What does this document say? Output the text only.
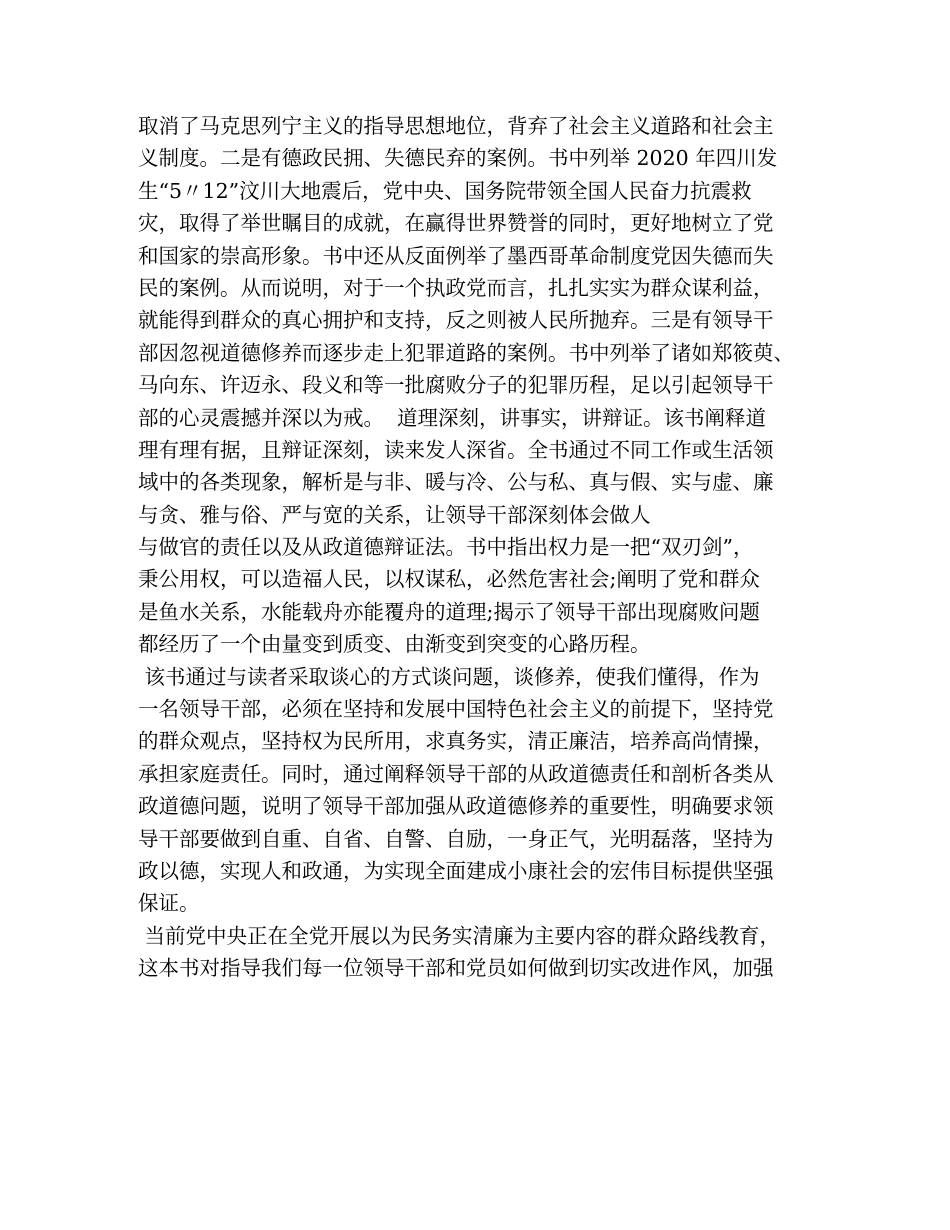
取消了马克思列宁主义的指导思想地位，背弃了社会主义道路和社会主
义制度。二是有德政民拥、失德民弃的案例。书中列举 2020 年四川发
生“5〃12”汶川大地震后，党中央、国务院带领全国人民奋力抗震救
灾，取得了举世瞩目的成就，在赢得世界赞誉的同时，更好地树立了党
和国家的崇高形象。书中还从反面例举了墨西哥革命制度党因失德而失
民的案例。从而说明，对于一个执政党而言，扎扎实实为群众谋利益，
就能得到群众的真心拥护和支持，反之则被人民所抛弃。三是有领导干
部因忽视道德修养而逐步走上犯罪道路的案例。书中列举了诸如郑筱萸、
马向东、许迈永、段义和等一批腐败分子的犯罪历程，足以引起领导干
部的心灵震撼并深以为戒。  道理深刻，讲事实，讲辩证。该书阐释道
理有理有据，且辩证深刻，读来发人深省。全书通过不同工作或生活领
域中的各类现象，解析是与非、暖与冷、公与私、真与假、实与虚、廉
与贪、雅与俗、严与宽的关系，让领导干部深刻体会做人
与做官的责任以及从政道德辩证法。书中指出权力是一把“双刃剑”，
秉公用权，可以造福人民，以权谋私，必然危害社会;阐明了党和群众
是鱼水关系，水能载舟亦能覆舟的道理;揭示了领导干部出现腐败问题
都经历了一个由量变到质变、由渐变到突变的心路历程。
该书通过与读者采取谈心的方式谈问题，谈修养，使我们懂得，作为
一名领导干部，必须在坚持和发展中国特色社会主义的前提下，坚持党
的群众观点，坚持权为民所用，求真务实，清正廉洁，培养高尚情操，
承担家庭责任。同时，通过阐释领导干部的从政道德责任和剖析各类从
政道德问题，说明了领导干部加强从政道德修养的重要性，明确要求领
导干部要做到自重、自省、自警、自励，一身正气，光明磊落，坚持为
政以德，实现人和政通，为实现全面建成小康社会的宏伟目标提供坚强
保证。
当前党中央正在全党开展以为民务实清廉为主要内容的群众路线教育，
这本书对指导我们每一位领导干部和党员如何做到切实改进作风，加强
